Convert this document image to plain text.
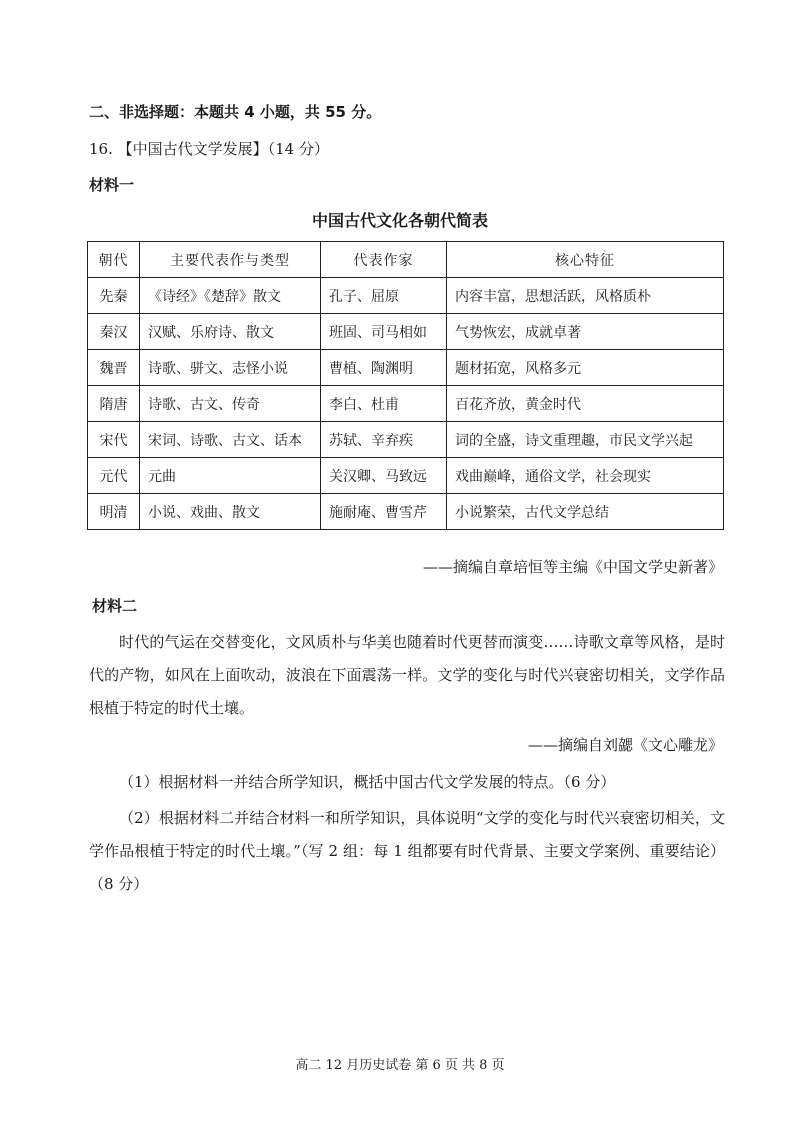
二、非选择题：本题共 4 小题，共 55 分。
16. 【中国古代文学发展】（14 分）
材料一
中国古代文化各朝代简表
朝代	主要代表作与类型	代表作家	核心特征
先秦	《诗经》《楚辞》散文	孔子、屈原	内容丰富，思想活跃，风格质朴
秦汉	汉赋、乐府诗、散文	班固、司马相如	气势恢宏，成就卓著
魏晋	诗歌、骈文、志怪小说	曹植、陶渊明	题材拓宽，风格多元
隋唐	诗歌、古文、传奇	李白、杜甫	百花齐放，黄金时代
宋代	宋词、诗歌、古文、话本	苏轼、辛弃疾	词的全盛，诗文重理趣，市民文学兴起
元代	元曲	关汉卿、马致远	戏曲巅峰，通俗文学，社会现实
明清	小说、戏曲、散文	施耐庵、曹雪芹	小说繁荣，古代文学总结
——摘编自章培恒等主编《中国文学史新著》
材料二
时代的气运在交替变化，文风质朴与华美也随着时代更替而演变……诗歌文章等风格，是时代的产物，如风在上面吹动，波浪在下面震荡一样。文学的变化与时代兴衰密切相关，文学作品根植于特定的时代土壤。
——摘编自刘勰《文心雕龙》
（1）根据材料一并结合所学知识，概括中国古代文学发展的特点。（6 分）
（2）根据材料二并结合材料一和所学知识，具体说明“文学的变化与时代兴衰密切相关，文学作品根植于特定的时代土壤。”（写 2 组：每 1 组都要有时代背景、主要文学案例、重要结论）（8 分）
高二 12 月历史试卷 第 6 页 共 8 页
